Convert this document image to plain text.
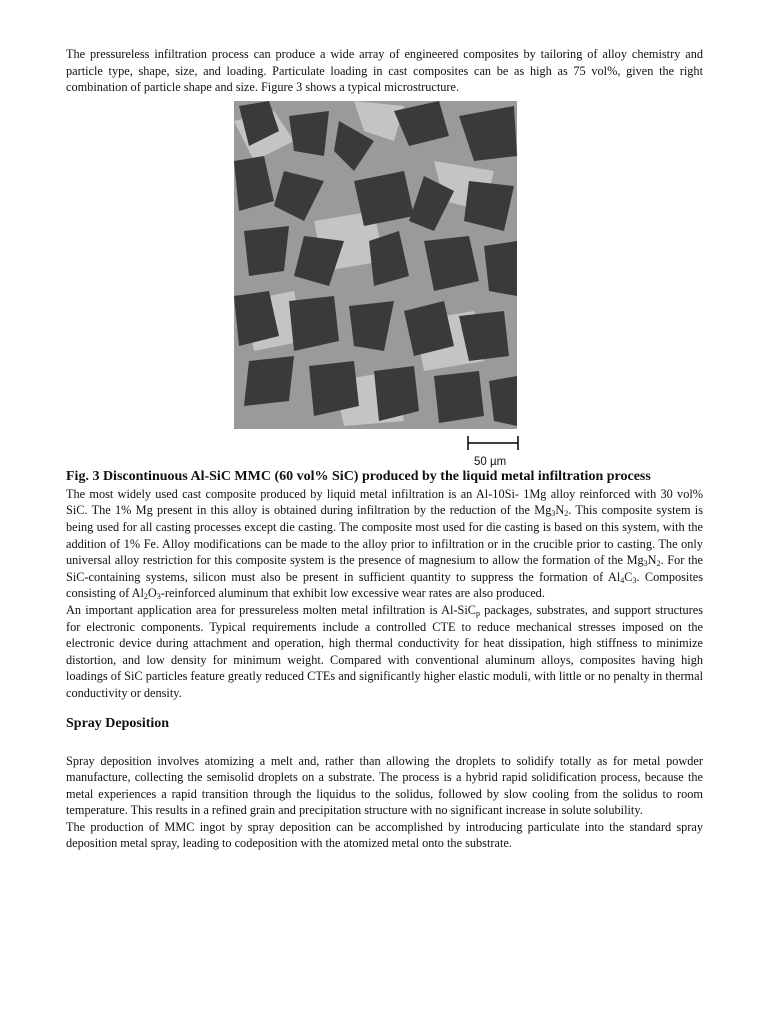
The pressureless infiltration process can produce a wide array of engineered composites by tailoring of alloy chemistry and particle type, shape, size, and loading. Particulate loading in cast composites can be as high as 75 vol%, given the right combination of particle shape and size. Figure 3 shows a typical microstructure.

50 µm

Fig. 3 Discontinuous Al-SiC MMC (60 vol% SiC) produced by the liquid metal infiltration process

The most widely used cast composite produced by liquid metal infiltration is an Al-10Si- 1Mg alloy reinforced with 30 vol% SiC. The 1% Mg present in this alloy is obtained during infiltration by the reduction of the $Mg_3N_2$. This composite system is being used for all casting processes except die casting. The composite most used for die casting is based on this system, with the addition of 1% Fe. Alloy modifications can be made to the alloy prior to infiltration or in the crucible prior to casting. The only universal alloy restriction for this composite system is the presence of magnesium to allow the formation of the $Mg_3N_2$. For the SiC-containing systems, silicon must also be present in sufficient quantity to suppress the formation of $Al_4C_3$. Composites consisting of $Al_2O_3$-reinforced aluminum that exhibit low excessive wear rates are also produced.

An important application area for pressureless molten metal infiltration is Al-SiC$_p$ packages, substrates, and support structures for electronic components. Typical requirements include a controlled CTE to reduce mechanical stresses imposed on the electronic device during attachment and operation, high thermal conductivity for heat dissipation, high stiffness to minimize distortion, and low density for minimum weight. Compared with conventional aluminum alloys, composites having high loadings of SiC particles feature greatly reduced CTEs and significantly higher elastic moduli, with little or no penalty in thermal conductivity or density.

Spray Deposition

Spray deposition involves atomizing a melt and, rather than allowing the droplets to solidify totally as for metal powder manufacture, collecting the semisolid droplets on a substrate. The process is a hybrid rapid solidification process, because the metal experiences a rapid transition through the liquidus to the solidus, followed by slow cooling from the solidus to room temperature. This results in a refined grain and precipitation structure with no significant increase in solute solubility.

The production of MMC ingot by spray deposition can be accomplished by introducing particulate into the standard spray deposition metal spray, leading to codeposition with the atomized metal onto the substrate.
